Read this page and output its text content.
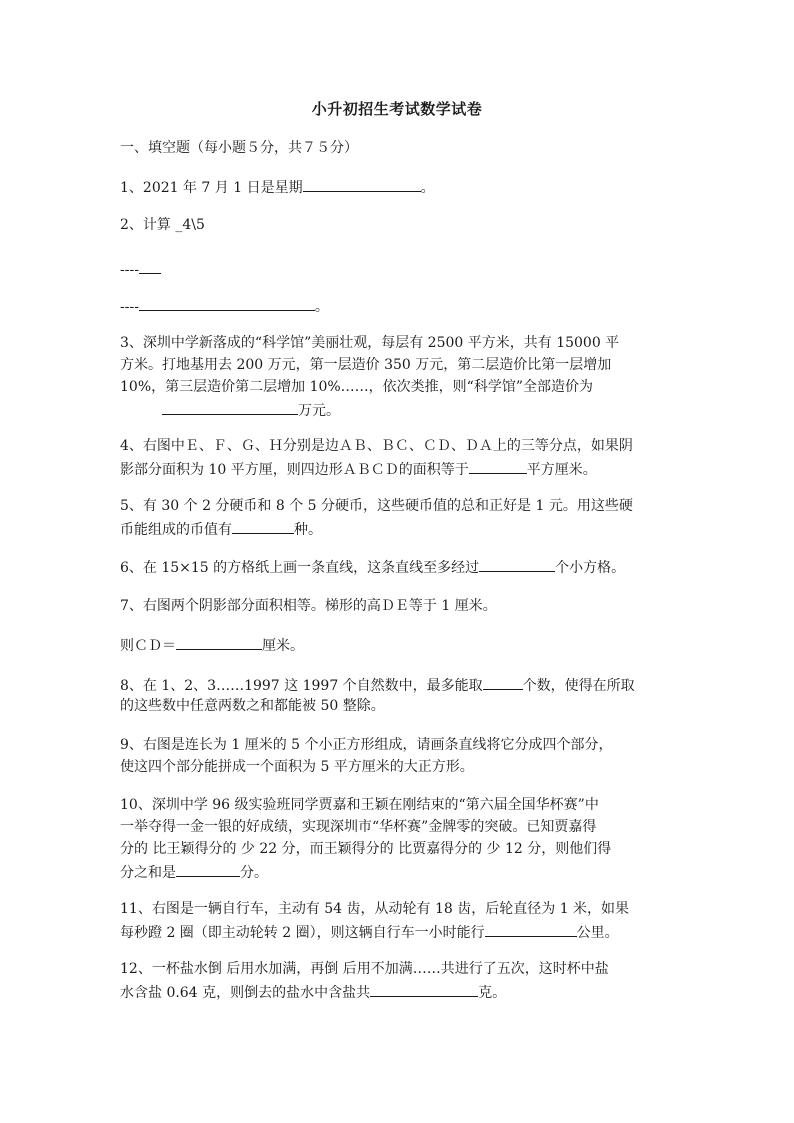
小升初招生考试数学试卷
一、填空题（每小题５分，共７５分）
1、2021 年 7 月 1 日是星期	。
2、计算 _4\5
----
----	。
3、深圳中学新落成的“科学馆”美丽壮观，每层有 2500 平方米，共有 15000 平
方米。打地基用去 200 万元，第一层造价 350 万元，第二层造价比第一层增加
10%，第三层造价第二层增加 10%……，依次类推，则“科学馆”全部造价为
万元。
4、右图中Ｅ、Ｆ、Ｇ、Ｈ分别是边ＡＢ、ＢＣ、ＣＤ、ＤＡ上的三等分点，如果阴
影部分面积为 10 平方厘，则四边形ＡＢＣＤ的面积等于	平方厘米。
5、有 30 个 2 分硬币和 8 个 5 分硬币，这些硬币值的总和正好是 1 元。用这些硬
币能组成的币值有	种。
6、在 15×15 的方格纸上画一条直线，这条直线至多经过	个小方格。
7、右图两个阴影部分面积相等。梯形的高ＤＥ等于 1 厘米。
则ＣＤ＝	厘米。
8、在 1、2、3……1997 这 1997 个自然数中，最多能取	个数，使得在所取
的这些数中任意两数之和都能被 50 整除。
9、右图是连长为 1 厘米的 5 个小正方形组成，请画条直线将它分成四个部分，
使这四个部分能拼成一个面积为 5 平方厘米的大正方形。
10、深圳中学 96 级实验班同学贾嘉和王颖在刚结束的“第六届全国华杯赛”中
一举夺得一金一银的好成绩，实现深圳市“华杯赛”金牌零的突破。已知贾嘉得
分的 比王颖得分的 少 22 分，而王颖得分的 比贾嘉得分的 少 12 分，则他们得
分之和是	分。
11、右图是一辆自行车，主动有 54 齿，从动轮有 18 齿，后轮直径为 1 米，如果
每秒蹬 2 圈（即主动轮转 2 圈），则这辆自行车一小时能行	公里。
12、一杯盐水倒 后用水加满，再倒 后用不加满……共进行了五次，这时杯中盐
水含盐 0.64 克，则倒去的盐水中含盐共	克。
